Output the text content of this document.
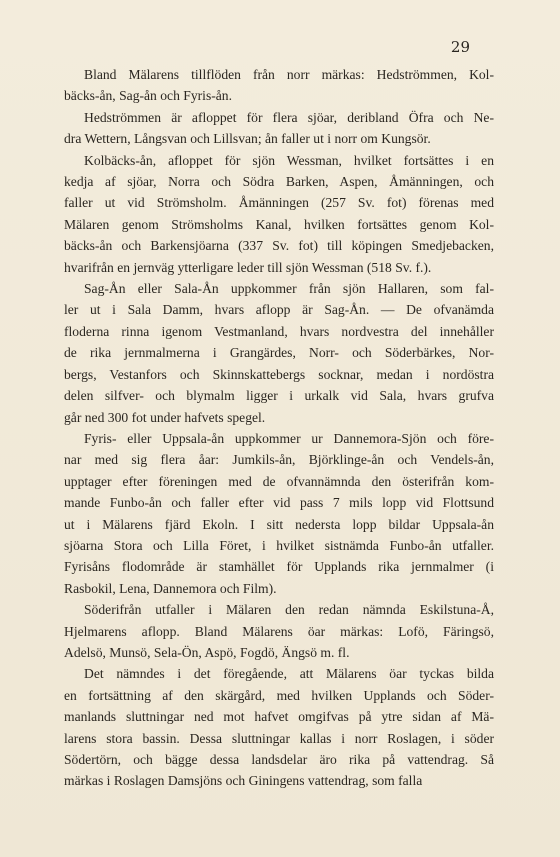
29
Bland Mälarens tillflöden från norr märkas: Hedströmmen, Kol-
bäcks-ån, Sag-ån och Fyris-ån.
Hedströmmen är afloppet för flera sjöar, deribland Öfra och Ne-
dra Wettern, Långsvan och Lillsvan; ån faller ut i norr om Kungsör.
Kolbäcks-ån, afloppet för sjön Wessman, hvilket fortsättes i en
kedja af sjöar, Norra och Södra Barken, Aspen, Åmänningen, och
faller ut vid Strömsholm. Åmänningen (257 Sv. fot) förenas med
Mälaren genom Strömsholms Kanal, hvilken fortsättes genom Kol-
bäcks-ån och Barkensjöarna (337 Sv. fot) till köpingen Smedjebacken,
hvarifrån en jernväg ytterligare leder till sjön Wessman (518 Sv. f.).
Sag-Ån eller Sala-Ån uppkommer från sjön Hallaren, som fal-
ler ut i Sala Damm, hvars aflopp är Sag-Ån. — De ofvanämda
floderna rinna igenom Vestmanland, hvars nordvestra del innehåller
de rika jernmalmerna i Grangärdes, Norr- och Söderbärkes, Nor-
bergs, Vestanfors och Skinnskattebergs socknar, medan i nordöstra
delen silfver- och blymalm ligger i urkalk vid Sala, hvars grufva
går ned 300 fot under hafvets spegel.
Fyris- eller Uppsala-ån uppkommer ur Dannemora-Sjön och före-
nar med sig flera åar: Jumkils-ån, Björklinge-ån och Vendels-ån,
upptager efter föreningen med de ofvannämnda den österifrån kom-
mande Funbo-ån och faller efter vid pass 7 mils lopp vid Flottsund
ut i Mälarens fjärd Ekoln. I sitt nedersta lopp bildar Uppsala-ån
sjöarna Stora och Lilla Föret, i hvilket sistnämda Funbo-ån utfaller.
Fyrisåns flodområde är stamhället för Upplands rika jernmalmer (i
Rasbokil, Lena, Dannemora och Film).
Söderifrån utfaller i Mälaren den redan nämnda Eskilstuna-Å,
Hjelmarens aflopp. Bland Mälarens öar märkas: Lofö, Färingsö,
Adelsö, Munsö, Sela-Ön, Aspö, Fogdö, Ängsö m. fl.
Det nämndes i det föregående, att Mälarens öar tyckas bilda
en fortsättning af den skärgård, med hvilken Upplands och Söder-
manlands sluttningar ned mot hafvet omgifvas på ytre sidan af Mä-
larens stora bassin. Dessa sluttningar kallas i norr Roslagen, i söder
Södertörn, och bägge dessa landsdelar äro rika på vattendrag. Så
märkas i Roslagen Damsjöns och Giningens vattendrag, som falla
